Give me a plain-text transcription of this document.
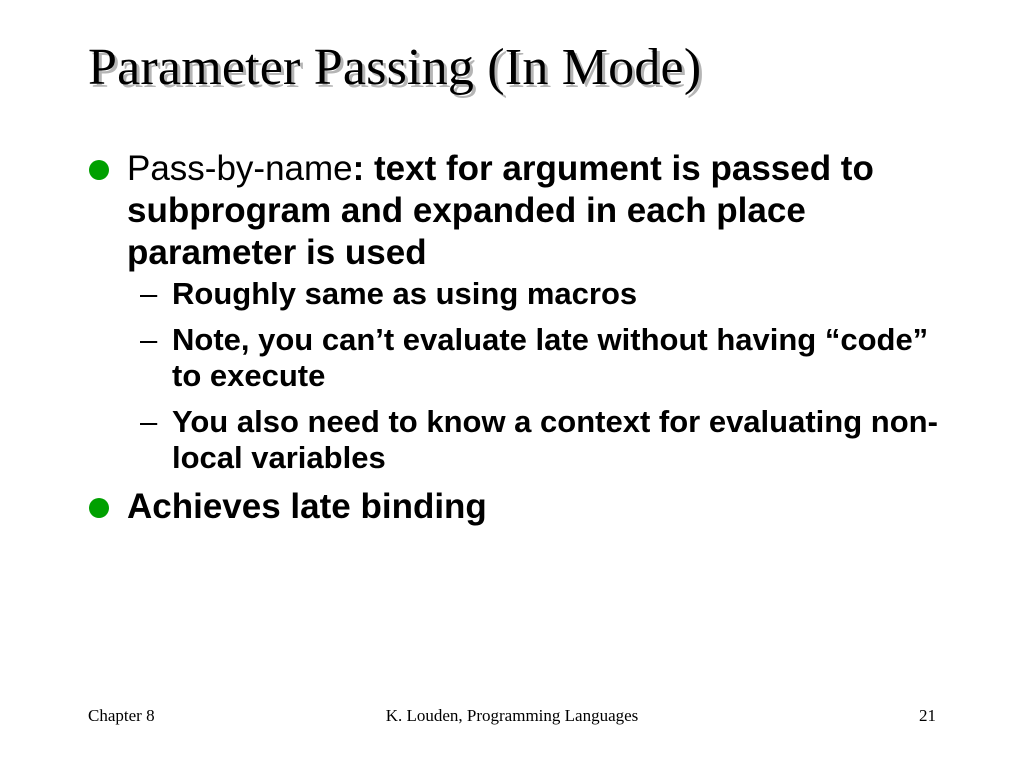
Parameter Passing (In Mode)
Pass-by-name: text for argument is passed to subprogram and expanded in each place parameter is used
– Roughly same as using macros
– Note, you can’t evaluate late without having “code” to execute
– You also need to know a context for evaluating non-local variables
Achieves late binding
Chapter 8	K. Louden, Programming Languages	21
